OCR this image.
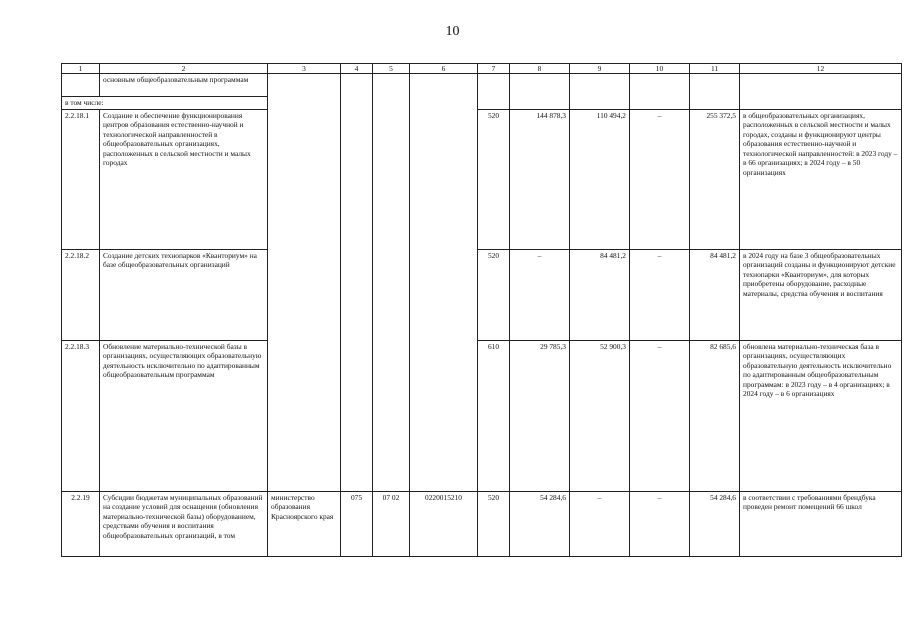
10
1	2	3	4	5	6	7	8	9	10	11	12
	основным общеобразовательным программам										
в том числе:											
2.2.18.1	Создание и обеспечение функционирования центров образования естественно-научной и технологической направленностей в общеобразовательных организациях, расположенных в сельской местности и малых городах					520	144 878,3	110 494,2	–	255 372,5	в общеобразовательных организациях, расположенных в сельской местности и малых городах, созданы и функционируют центры образования естественно-научной и технологической направленностей: в 2023 году – в 66 организациях; в 2024 году – в 50 организациях
2.2.18.2	Создание детских технопарков «Кванториум» на базе общеобразовательных организаций					520	–	84 481,2	–	84 481,2	в 2024 году на базе 3 общеобразовательных организаций созданы и функционируют детские технопарки «Кванториум», для которых приобретены оборудование, расходные материалы, средства обучения и воспитания
2.2.18.3	Обновление материально-технической базы в организациях, осуществляющих образовательную деятельность исключительно по адаптированным общеобразовательным программам					610	29 785,3	52 900,3	–	82 685,6	обновлена материально-техническая база в организациях, осуществляющих образовательную деятельность исключительно по адаптированным общеобразовательным программам: в 2023 году – в 4 организациях; в 2024 году – в 6 организациях
2.2.19	Субсидии бюджетам муниципальных образований на создание условий для оснащения (обновления материально-технической базы) оборудованием, средствами обучения и воспитания общеобразовательных организаций, в том	министерство образования Красноярского края	075	07 02	0220015210	520	54 284,6	–	–	54 284,6	в соответствии с требованиями брендбука проведен ремонт помещений 66 школ
